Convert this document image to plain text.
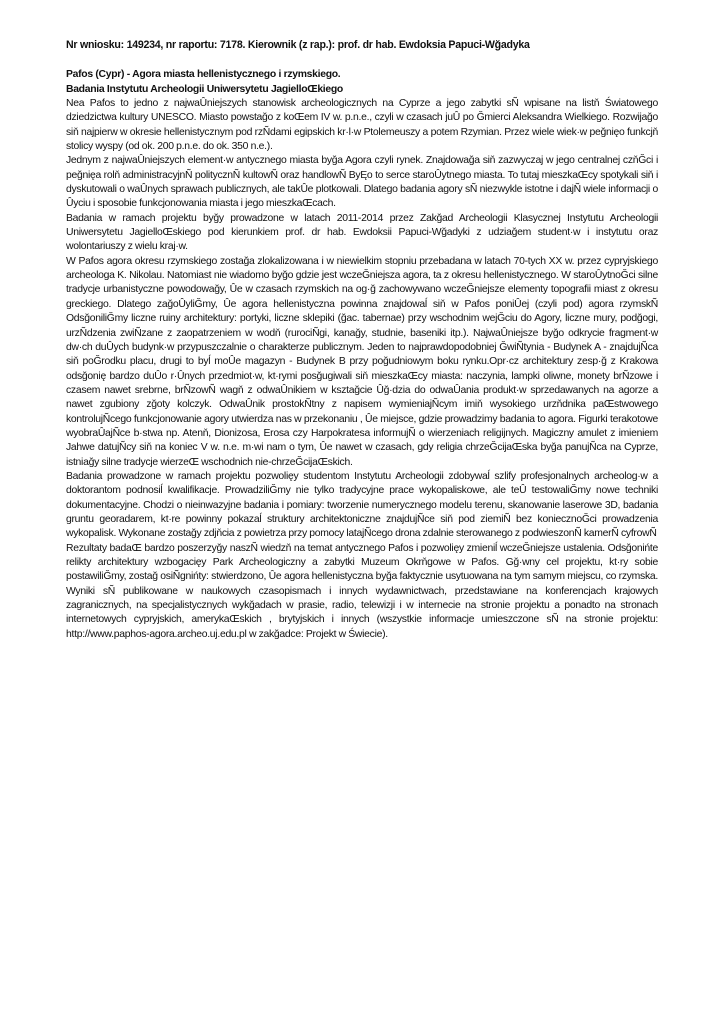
Nr wniosku: 149234, nr raportu: 7178. Kierownik (z rap.): prof. dr hab. Ewdoksia Papuci-Wğadyka
Pafos (Cypr) - Agora miasta hellenistycznego i rzymskiego.
Badania Instytutu Archeologii Uniwersytetu JagielloŒkiego

Nea Pafos to jedno z najwaÛniejszych stanowisk archeologicznych na Cyprze a jego zabytki sÑ wpisane na listň Światowego dziedzictwa kultury UNESCO. Miasto powstağo z koŒem IV w. p.n.e., czyli w czasach juÛ po Ğmierci Aleksandra Wielkiego. Rozwijağo siň najpierw w okresie hellenistycznym pod rzÑdami egipskich kr·l·w Ptolemeuszy a potem Rzymian. Przez wiele wiek·w peğnięo funkcjň stolicy wyspy (od ok. 200 p.n.e. do ok. 350 n.e.).

Jednym z najwaÛniejszych element·w antycznego miasta byğa Agora czyli rynek. Znajdowağa siň zazwyczaj w jego centralnej czňĞci i peğnięa rolň administracyjnÑ politycznÑ kultowÑ oraz handlowÑ ByĘo to serce staroÛytnego miasta. To tutaj mieszkaŒcy spotykali siň i dyskutowali o waÛnych sprawach publicznych, ale takÛe plotkowali. Dlatego badania agory sÑ niezwykle istotne i dajÑ wiele informacji o Ûyciu i sposobie funkcjonowania miasta i jego mieszkaŒcach.

Badania w ramach projektu byğy prowadzone w latach 2011-2014 przez Zakğad Archeologii Klasycznej Instytutu Archeologii Uniwersytetu JagielloŒskiego pod kierunkiem prof. dr hab. Ewdoksii Papuci-Wğadyki z udziağem student·w i instytutu oraz wolontariuszy z wielu kraj·w.

W Pafos agora okresu rzymskiego zostağa zlokalizowana i w niewielkim stopniu przebadana w latach 70-tych XX w. przez cypryjskiego archeologa K. Nikolau. Natomiast nie wiadomo byğo gdzie jest wczeĞniejsza agora, ta z okresu hellenistycznego. W staroÛytnoĞci silne tradycje urbanistyczne powodowağy, Ûe w czasach rzymskich na og·ğ zachowywano wczeĞniejsze elementy topografii miast z okresu greckiego. Dlatego zağoÛyliĞmy, Ûe agora hellenistyczna powinna znajdowaĺ siň w Pafos poniÛej (czyli pod) agora rzymskÑ OdsğoniliĞmy liczne ruiny architektury: portyki, liczne sklepiki (ğac. tabernae) przy wschodnim wejĞciu do Agory, liczne mury, podğogi, urzÑdzenia zwiÑzane z zaopatrzeniem w wodň (rurociÑgi, kanağy, studnie, baseniki itp.). NajwaÛniejsze byğo odkrycie fragment·w dw·ch duÛych budynk·w przypuszczalnie o charakterze publicznym. Jeden to najprawdopodobniej ĞwiÑtynia - Budynek A - znajdujÑca siň poĞrodku placu, drugi to byĺ moÛe magazyn - Budynek B przy poğudniowym boku rynku.Opr·cz architektury zesp·ğ z Krakowa odsğonię bardzo duÛo r·Ûnych przedmiot·w, kt·rymi posğugiwali siň mieszkaŒcy miasta: naczynia, lampki oliwne, monety brÑzowe i czasem nawet srebrne, brÑzowÑ wagň z odwaÛnikiem w ksztağcie Ûğ·dzia do odwaÛania produkt·w sprzedawanych na agorze a nawet zgubiony zğoty kolczyk. OdwaÛnik prostokÑtny z napisem wymieniajÑcym imiň wysokiego urzňdnika paŒstwowego kontrolujÑcego funkcjonowanie agory utwierdza nas w przekonaniu , Ûe miejsce, gdzie prowadzimy badania to agora. Figurki terakotowe wyobraÛajÑce b·stwa np. Atenň, Dionizosa, Erosa czy Harpokratesa informujÑ o wierzeniach religijnych. Magiczny amulet z imieniem Jahwe datujÑcy siň na koniec V w. n.e. m·wi nam o tym, Ûe nawet w czasach, gdy religia chrzeĞcijaŒska byğa panujÑca na Cyprze, istniağy silne tradycje wierzeŒ wschodnich nie-chrzeĞcijaŒskich.

Badania prowadzone w ramach projektu pozwolięy studentom Instytutu Archeologii zdobywaĺ szlify profesjonalnych archeolog·w a doktorantom podnosiĺ kwalifikacje. ProwadziliĞmy nie tylko tradycyjne prace wykopaliskowe, ale teÛ testowaliĞmy nowe techniki dokumentacyjne. Chodzi o nieinwazyjne badania i pomiary: tworzenie numerycznego modelu terenu, skanowanie laserowe 3D, badania gruntu georadarem, kt·re powinny pokazaĺ struktury architektoniczne znajdujÑce siň pod ziemiÑ bez koniecznoĞci prowadzenia wykopalisk. Wykonane zostağy zdjňcia z powietrza przy pomocy latajÑcego drona zdalnie sterowanego z podwieszonÑ kamerÑ cyfrowÑ

Rezultaty badaŒ bardzo poszerzyğy naszÑ wiedzň na temat antycznego Pafos i pozwolięy zmieniĺ wczeĞniejsze ustalenia. Odsğonińte relikty architektury wzbogacięy Park Archeologiczny a zabytki Muzeum Okrňgowe w Pafos. Gğ·wny cel projektu, kt·ry sobie postawiliĞmy, zostağ osiÑgnińty: stwierdzono, Ûe agora hellenistyczna byğa faktycznie usytuowana na tym samym miejscu, co rzymska. Wyniki sÑ publikowane w naukowych czasopismach i innych wydawnictwach, przedstawiane na konferencjach krajowych zagranicznych, na specjalistycznych wykğadach w prasie, radio, telewizji i w internecie na stronie projektu a ponadto na stronach internetowych cypryjskich, amerykaŒskich , brytyjskich i innych (wszystkie informacje umieszczone sÑ na stronie projektu: http://www.paphos-agora.archeo.uj.edu.pl w zakğadce: Projekt w Świecie).
